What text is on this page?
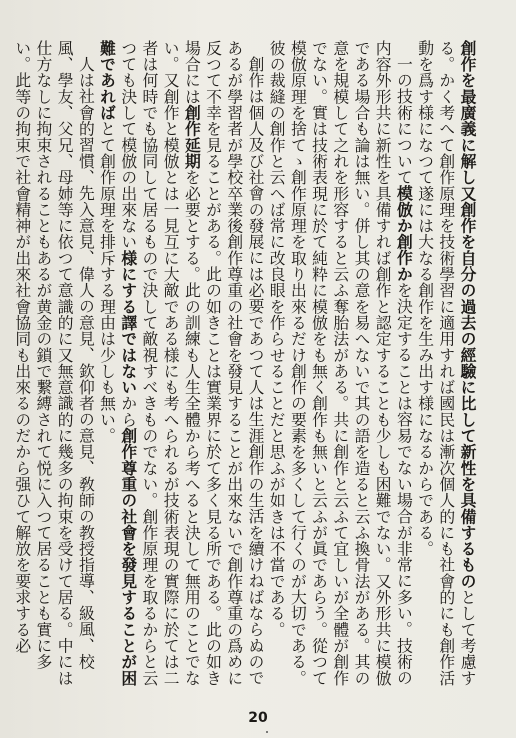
創作を最廣義に解し又創作を自分の過去の經驗に比して新性を具備するものとして考慮する。かく考へて創作原理を技術學習に適用すれば國民は漸次個人的にも社會的にも創作活動を爲す様になつて遂には大なる創作を生み出す様になるからである。

一の技術について模倣か創作かを決定することは容易でない場合が非常に多い。技術の内容外形共に新性を具備すれば創作と認定することも少しも困難でない。又外形共に模倣である場合も論は無い。併し其の意を易へないで其の語を造ると云ふ換骨法がある。其の意を規模して之れを形容すると云ふ奪胎法がある。共に創作と云ふて宜しいが全體が創作でない。實は技術表現に於て純粋に模倣をも無く創作も無いと云ふが眞であらう。從つて模倣原理を捨てゝ創作原理を取り出來るだけ創作の要素を多くして行くのが大切である。彼の裁縫の創作と云へば常に改良眼を作らせることだと思ふが如きは不當である。

創作は個人及び社會の發展には必要であつて人は生涯創作の生活を續けねばならぬのであるが學習者が學校卒業後創作尊重の社會を發見することが出來ないで創作尊重の爲めに反つて不幸を見ることがある。此の如きことは實業界に於て多く見る所である。此の如き場合には創作延期を必要とする。此の訓練も人生全體から考へると決して無用のことでない。又創作と模倣とは一見互に大敵である様にも考へられるが技術表現の實際に於ては二者は何時でも協同して居るもので決して敵視すべきものでない。創作原理を取るからと云つても決して模倣の出來ない様にする譯ではないから創作尊重の社會を發見することが困難であればとて創作原理を排斥する理由は少しも無い。

人は社會的習慣、先入意見、偉人の意見、欽仰者の意見、敎師の教授指導、級風、校風、學友、父兄、母姉等に依つて意識的に又無意識的に幾多の拘束を受けて居る。中には仕方なしに拘束されることもあるが黄金の鎖で繋縛されて悦に入つて居ることも實に多い。此等の拘束で社會精神が出來社會協同も出來るのだから强ひて解放を要求する必

20
